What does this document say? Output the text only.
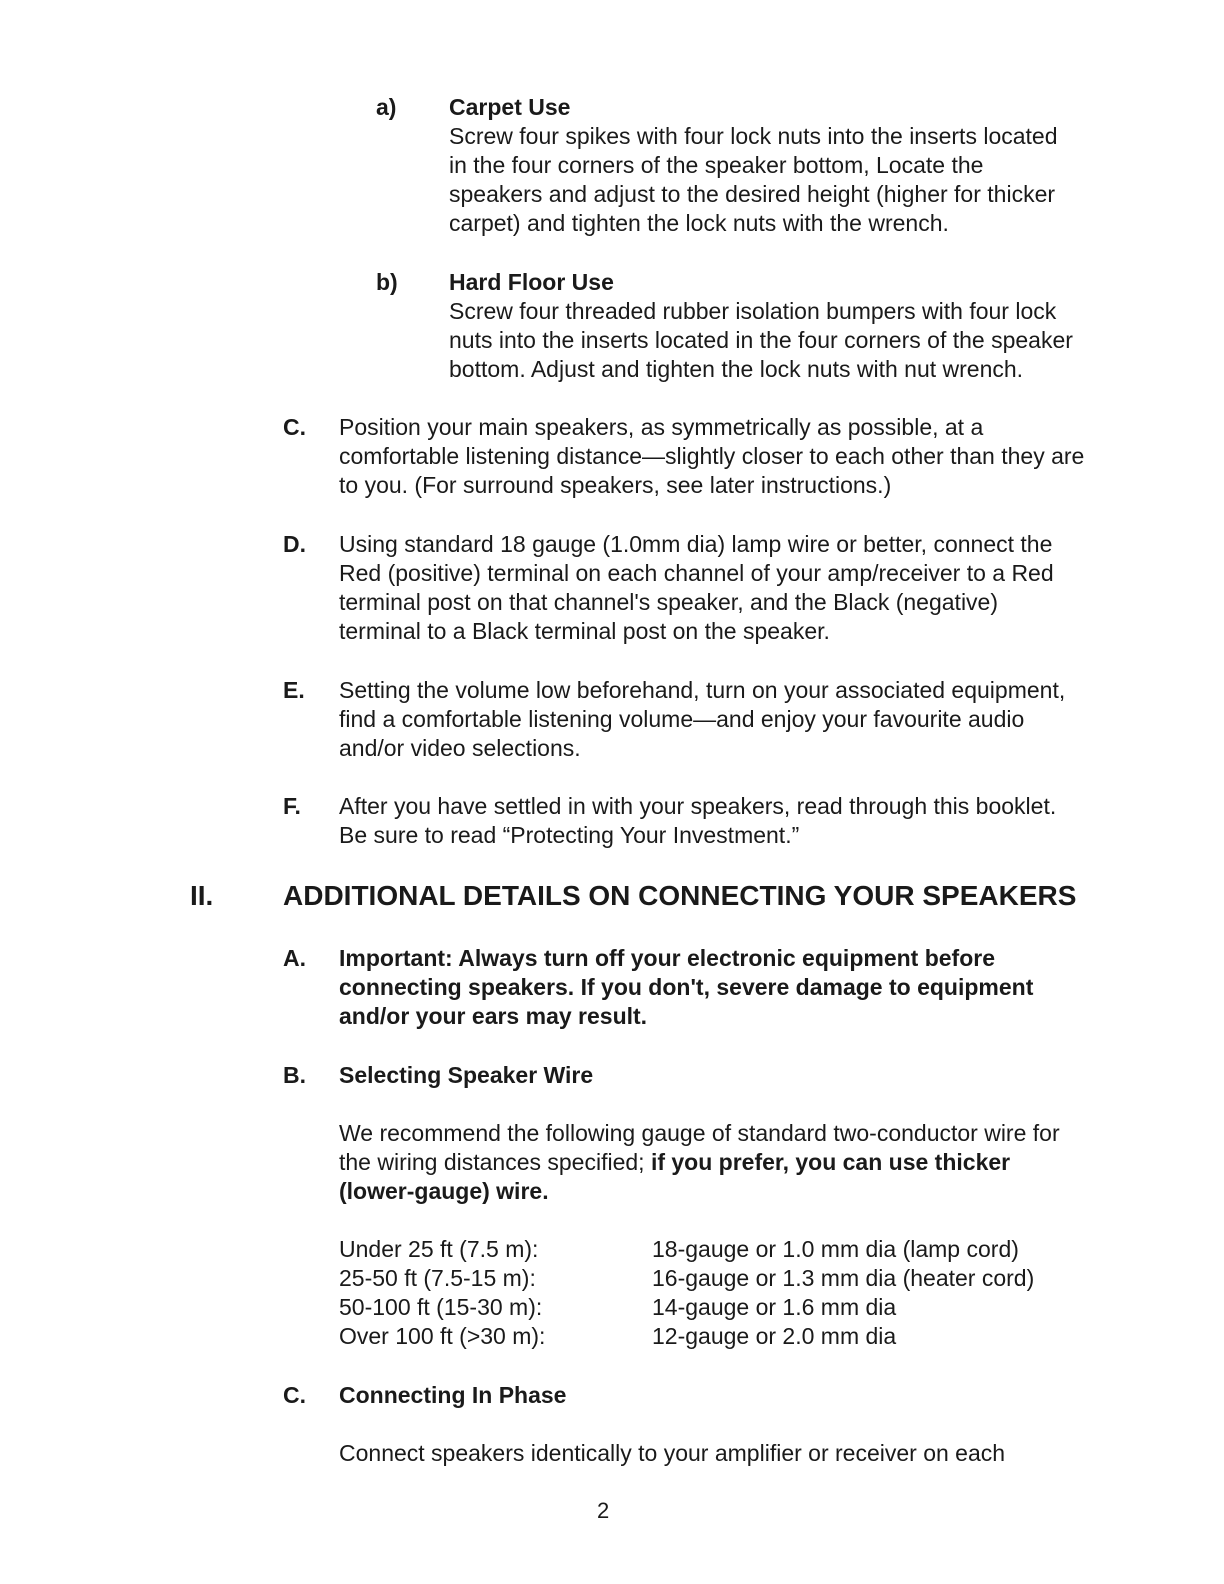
a) Carpet Use
Screw four spikes with four lock nuts into the inserts located
in the four corners of the speaker bottom, Locate the
speakers and adjust to the desired height (higher for thicker
carpet) and tighten the lock nuts with the wrench.
b) Hard Floor Use
Screw four threaded rubber isolation bumpers with four lock
nuts into the inserts located in the four corners of the speaker
bottom. Adjust and tighten the lock nuts with nut wrench.
C. Position your main speakers, as symmetrically as possible, at a
comfortable listening distance—slightly closer to each other than they are
to you. (For surround speakers, see later instructions.)
D. Using standard 18 gauge (1.0mm dia) lamp wire or better, connect the
Red (positive) terminal on each channel of your amp/receiver to a Red
terminal post on that channel's speaker, and the Black (negative)
terminal to a Black terminal post on the speaker.
E. Setting the volume low beforehand, turn on your associated equipment,
find a comfortable listening volume—and enjoy your favourite audio
and/or video selections.
F. After you have settled in with your speakers, read through this booklet.
Be sure to read “Protecting Your Investment.”
II. ADDITIONAL DETAILS ON CONNECTING YOUR SPEAKERS
A. Important: Always turn off your electronic equipment before
connecting speakers. If you don't, severe damage to equipment
and/or your ears may result.
B. Selecting Speaker Wire
We recommend the following gauge of standard two-conductor wire for
the wiring distances specified; if you prefer, you can use thicker
(lower-gauge) wire.
Under 25 ft (7.5 m):	18-gauge or 1.0 mm dia (lamp cord)
25-50 ft (7.5-15 m):	16-gauge or 1.3 mm dia (heater cord)
50-100 ft (15-30 m):	14-gauge or 1.6 mm dia
Over 100 ft (>30 m):	12-gauge or 2.0 mm dia
C. Connecting In Phase
Connect speakers identically to your amplifier or receiver on each
2
